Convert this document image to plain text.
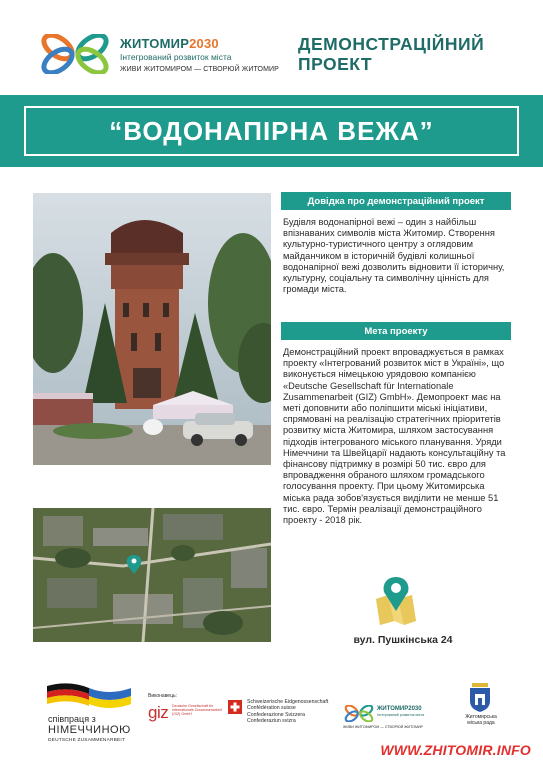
ЖИТОМИР2030
Інтегрований розвиток міста
ЖИВИ ЖИТОМИРОМ — СТВОРЮЙ ЖИТОМИР
ДЕМОНСТРАЦІЙНИЙ
ПРОЕКТ
“ВОДОНАПІРНА ВЕЖА”
Довідка про демонстраційний проект
Будівля водонапірної вежі – один з найбільш впізнаваних символів міста Житомир. Створення культурно-туристичного центру з оглядовим майданчиком в історичній будівлі колишньої водонапірної вежі дозволить відновити її історичну, культурну, соціальну та символічну цінність для громади міста.
Мета проекту
Демонстраційний проект впроваджується в рамках проекту «Інтегрований розвиток міст в Україні», що виконується німецькою урядовою компанією «Deutsche Gesellschaft für Internationale Zusammenarbeit (GIZ) GmbH». Демопроект має на меті доповнити або поліпшити міські ініціативи, спрямовані на реалізацію стратегічних пріоритетів розвитку міста Житомира, шляхом застосування підходів інтегрованого міського планування. Уряди Німеччини та Швейцарії надають консультаційну та фінансову підтримку в розмірі 50 тис. євро для впровадження обраного шляхом громадського голосування проекту. При цьому Житомирська міська рада зобов'язується виділити не менше 51 тис. євро. Термін реалізації демонстраційного проекту - 2018 рік.
вул. Пушкінська 24
співпраця з
НІМЕЧЧИНОЮ
DEUTSCHE ZUSAMMENARBEIT
Виконавець:
giz Deutsche Gesellschaft für Internationale Zusammenarbeit (GIZ) GmbH
Schweizerische Eidgenossenschaft
Confédération suisse
Confederazione Svizzera
Confederaziun svizra
ЖИТОМИР2030
Інтегрований розвиток міста
ЖИВИ ЖИТОМИРОМ — СТВОРЮЙ ЖИТОМИР
Житомирська міська рада
WWW.ZHITOMIR.INFO
